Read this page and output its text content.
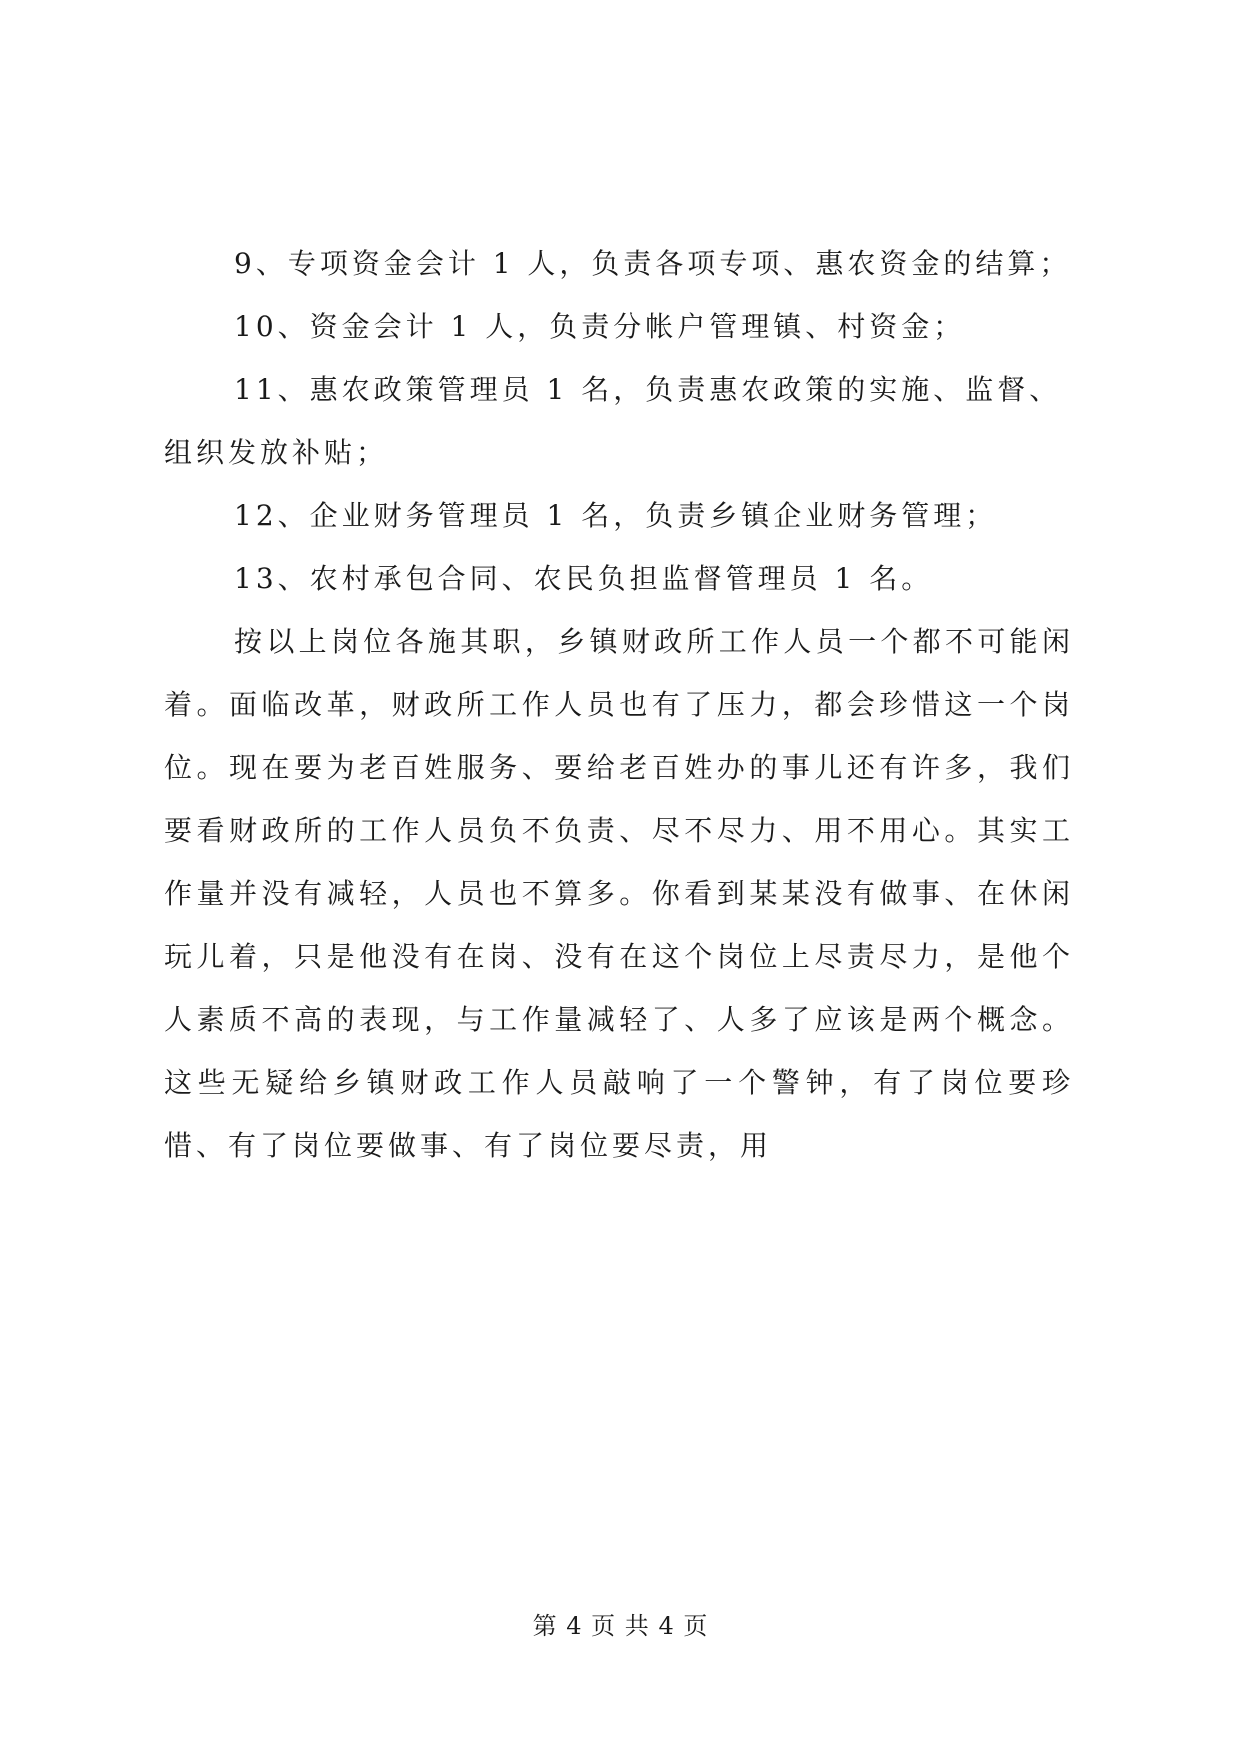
9、专项资金会计 1 人，负责各项专项、惠农资金的结算；

10、资金会计 1 人，负责分帐户管理镇、村资金；

11、惠农政策管理员 1 名，负责惠农政策的实施、监督、组织发放补贴；

12、企业财务管理员 1 名，负责乡镇企业财务管理；

13、农村承包合同、农民负担监督管理员 1 名。

按以上岗位各施其职，乡镇财政所工作人员一个都不可能闲着。面临改革，财政所工作人员也有了压力，都会珍惜这一个岗位。现在要为老百姓服务、要给老百姓办的事儿还有许多，我们要看财政所的工作人员负不负责、尽不尽力、用不用心。其实工作量并没有减轻，人员也不算多。你看到某某没有做事、在休闲玩儿着，只是他没有在岗、没有在这个岗位上尽责尽力，是他个人素质不高的表现，与工作量减轻了、人多了应该是两个概念。这些无疑给乡镇财政工作人员敲响了一个警钟，有了岗位要珍惜、有了岗位要做事、有了岗位要尽责，用

第 4 页 共 4 页
